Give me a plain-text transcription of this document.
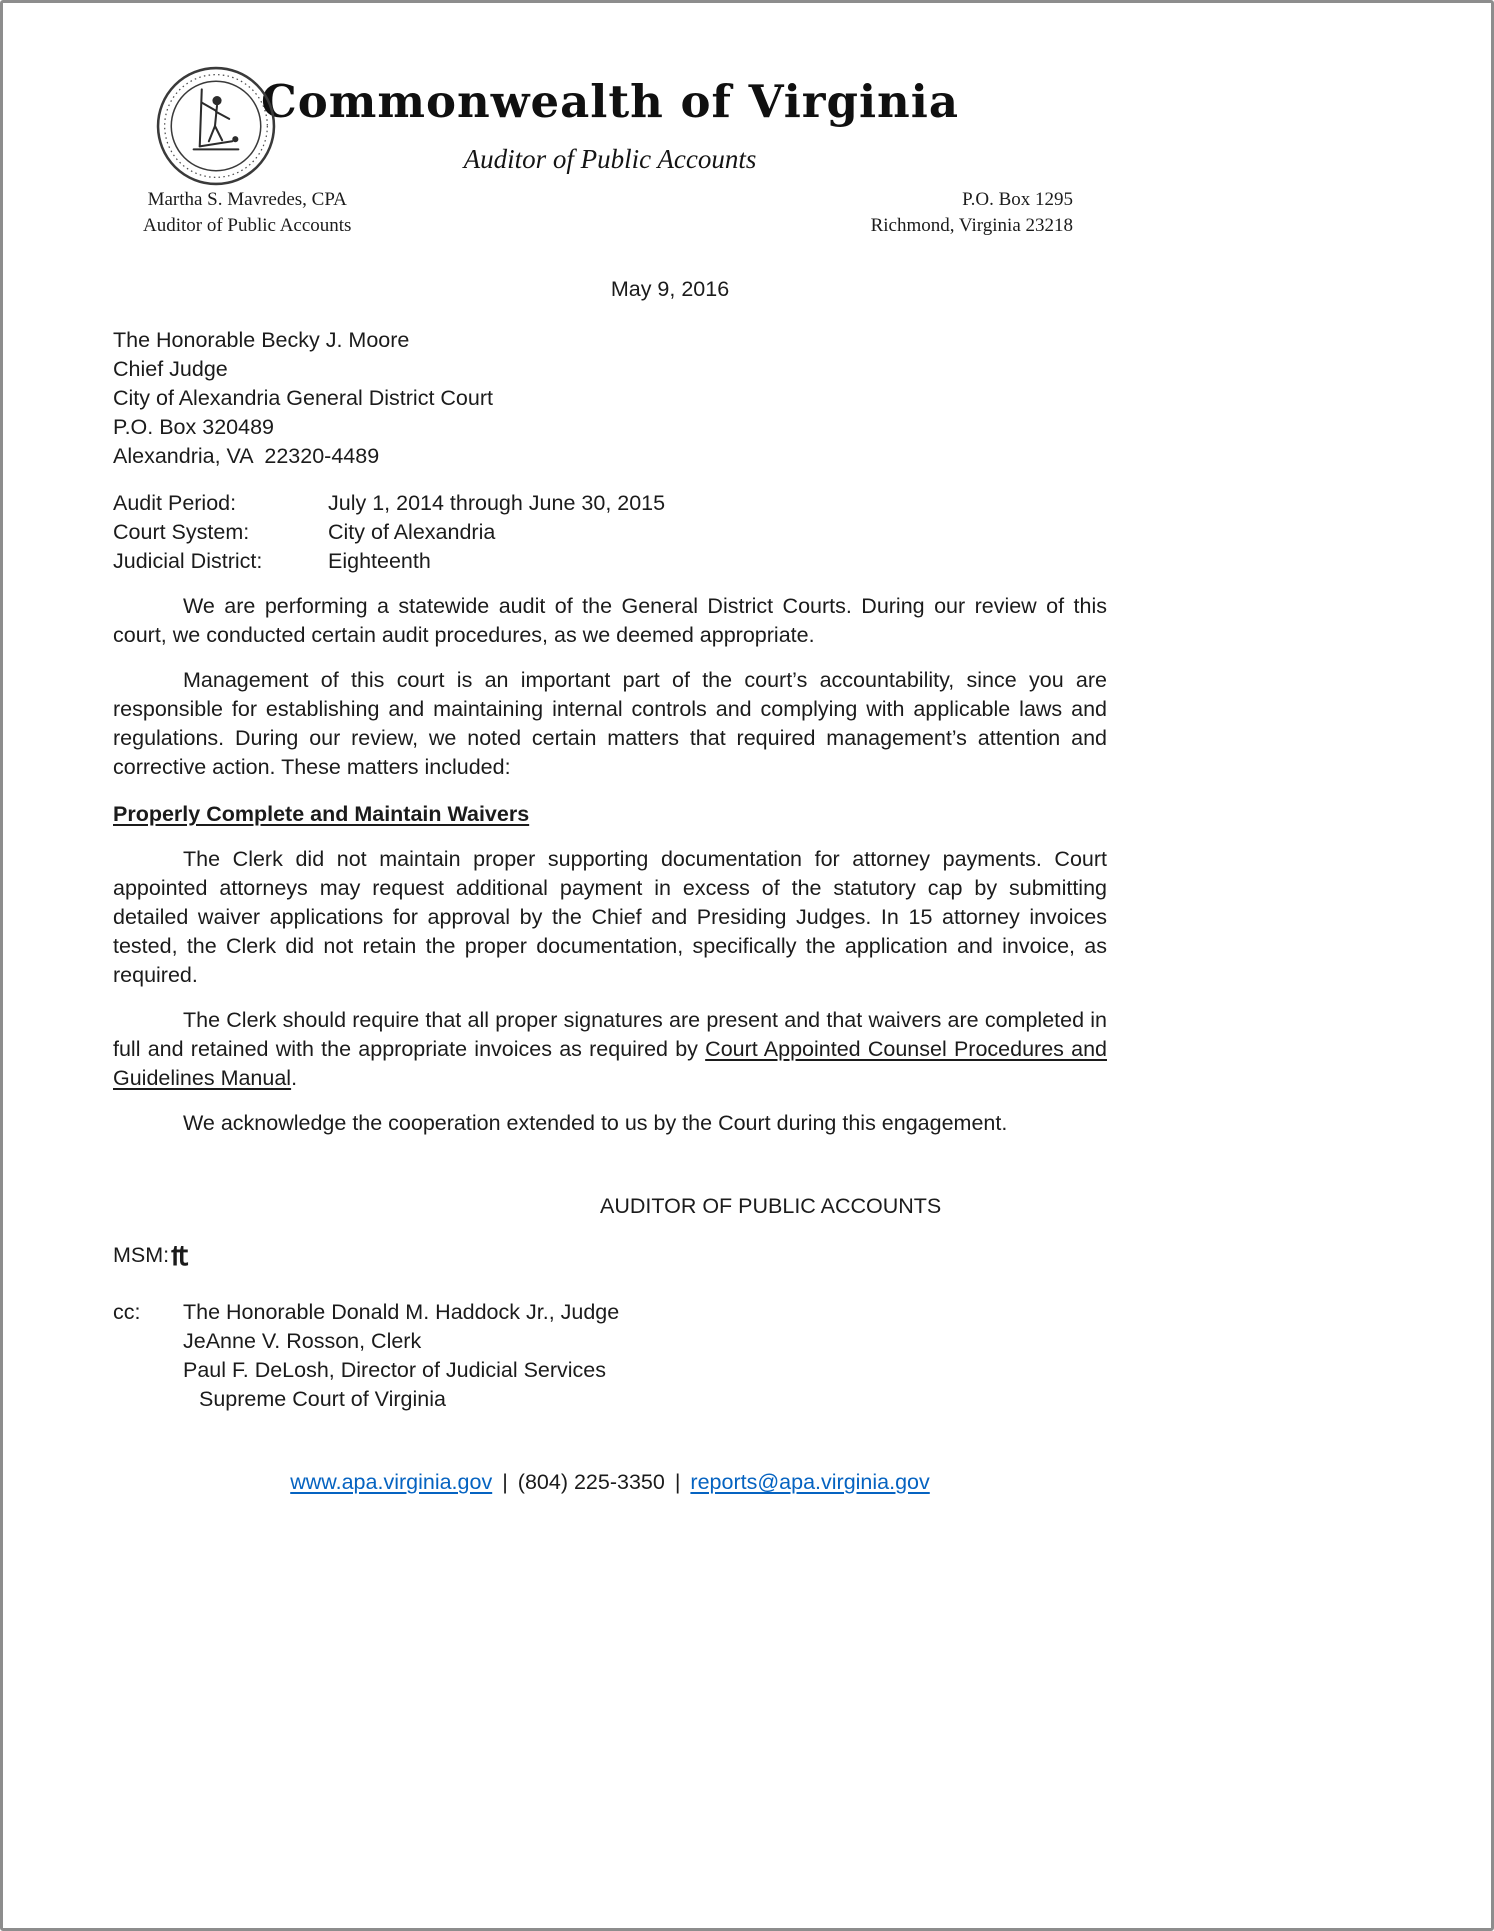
Commonwealth of Virginia
Auditor of Public Accounts
Martha S. Mavredes, CPA
Auditor of Public Accounts
P.O. Box 1295
Richmond, Virginia 23218
May 9, 2016
The Honorable Becky J. Moore
Chief Judge
City of Alexandria General District Court
P.O. Box 320489
Alexandria, VA  22320-4489
Audit Period:	July 1, 2014 through June 30, 2015
Court System:	City of Alexandria
Judicial District:	Eighteenth

We are performing a statewide audit of the General District Courts. During our review of this court, we conducted certain audit procedures, as we deemed appropriate.

Management of this court is an important part of the court’s accountability, since you are responsible for establishing and maintaining internal controls and complying with applicable laws and regulations. During our review, we noted certain matters that required management’s attention and corrective action. These matters included:

Properly Complete and Maintain Waivers

The Clerk did not maintain proper supporting documentation for attorney payments. Court appointed attorneys may request additional payment in excess of the statutory cap by submitting detailed waiver applications for approval by the Chief and Presiding Judges. In 15 attorney invoices tested, the Clerk did not retain the proper documentation, specifically the application and invoice, as required.

The Clerk should require that all proper signatures are present and that waivers are completed in full and retained with the appropriate invoices as required by Court Appointed Counsel Procedures and Guidelines Manual.

We acknowledge the cooperation extended to us by the Court during this engagement.

AUDITOR OF PUBLIC ACCOUNTS
MSM: ₶
cc:	The Honorable Donald M. Haddock Jr., Judge
JeAnne V. Rosson, Clerk
Paul F. DeLosh, Director of Judicial Services
Supreme Court of Virginia
www.apa.virginia.gov | (804) 225-3350 | reports@apa.virginia.gov
